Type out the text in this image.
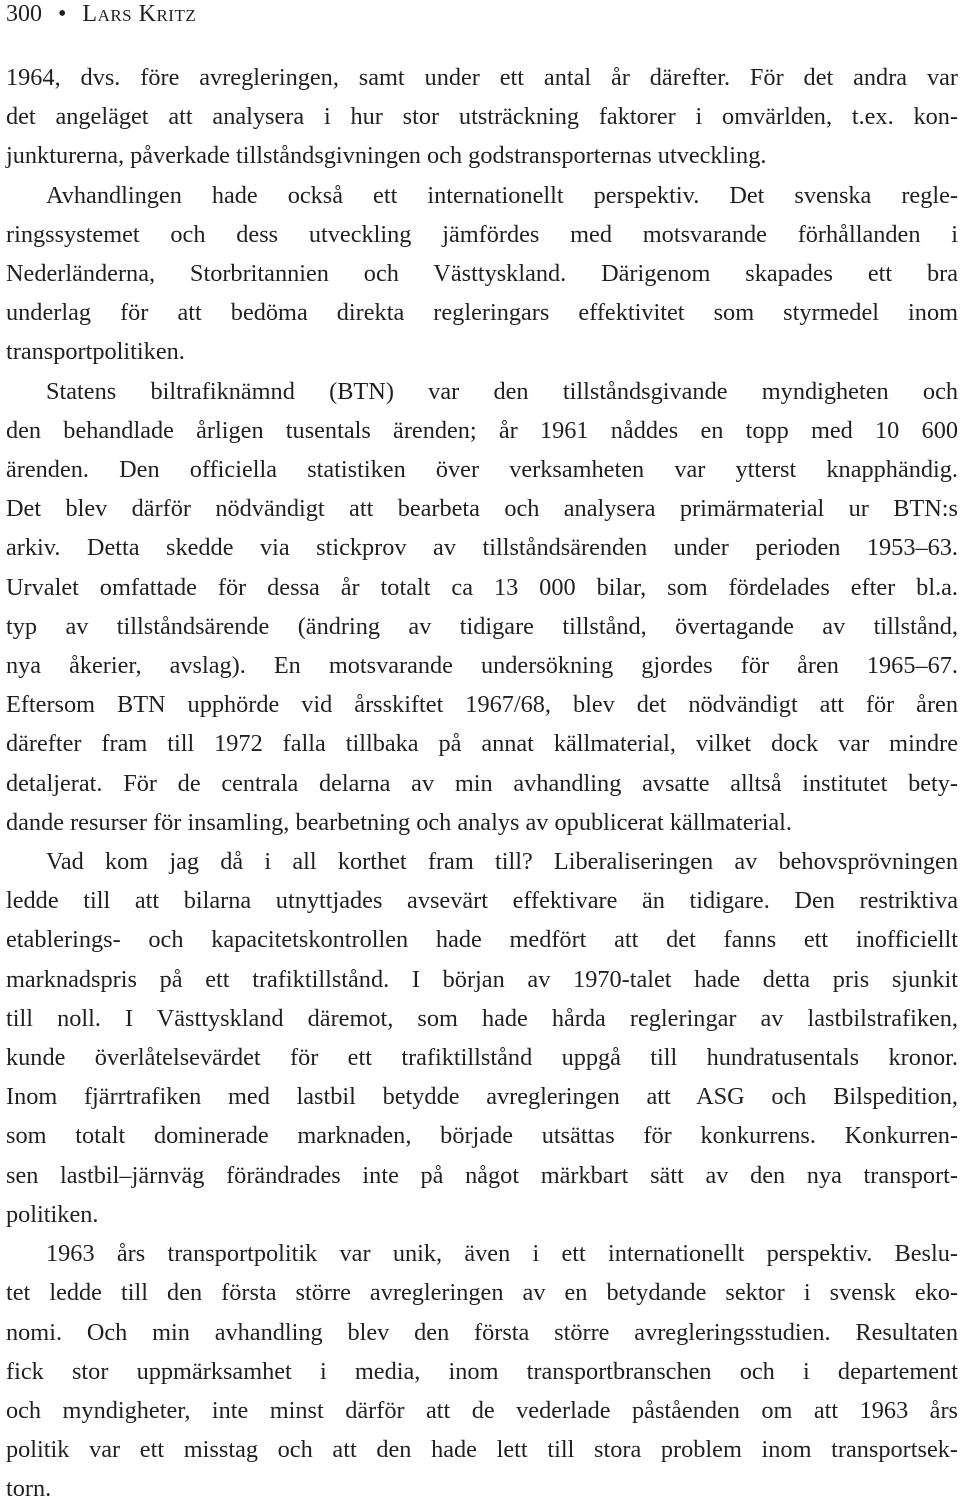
300 • Lars Kritz
1964, dvs. före avregleringen, samt under ett antal år därefter. För det andra var
det angeläget att analysera i hur stor utsträckning faktorer i omvärlden, t.ex. kon-
junkturerna, påverkade tillståndsgivningen och godstransporternas utveckling.
Avhandlingen hade också ett internationellt perspektiv. Det svenska regle-
ringssystemet och dess utveckling jämfördes med motsvarande förhållanden i
Nederländerna, Storbritannien och Västtyskland. Därigenom skapades ett bra
underlag för att bedöma direkta regleringars effektivitet som styrmedel inom
transportpolitiken.
Statens biltrafiknämnd (BTN) var den tillståndsgivande myndigheten och
den behandlade årligen tusentals ärenden; år 1961 nåddes en topp med 10 600
ärenden. Den officiella statistiken över verksamheten var ytterst knapphändig.
Det blev därför nödvändigt att bearbeta och analysera primärmaterial ur BTN:s
arkiv. Detta skedde via stickprov av tillståndsärenden under perioden 1953–63.
Urvalet omfattade för dessa år totalt ca 13 000 bilar, som fördelades efter bl.a.
typ av tillståndsärende (ändring av tidigare tillstånd, övertagande av tillstånd,
nya åkerier, avslag). En motsvarande undersökning gjordes för åren 1965–67.
Eftersom BTN upphörde vid årsskiftet 1967/68, blev det nödvändigt att för åren
därefter fram till 1972 falla tillbaka på annat källmaterial, vilket dock var mindre
detaljerat. För de centrala delarna av min avhandling avsatte alltså institutet bety-
dande resurser för insamling, bearbetning och analys av opublicerat källmaterial.
Vad kom jag då i all korthet fram till? Liberaliseringen av behovsprövningen
ledde till att bilarna utnyttjades avsevärt effektivare än tidigare. Den restriktiva
etablerings- och kapacitetskontrollen hade medfört att det fanns ett inofficiellt
marknadspris på ett trafiktillstånd. I början av 1970-talet hade detta pris sjunkit
till noll. I Västtyskland däremot, som hade hårda regleringar av lastbilstrafiken,
kunde överlåtelsevärdet för ett trafiktillstånd uppgå till hundratusentals kronor.
Inom fjärrtrafiken med lastbil betydde avregleringen att ASG och Bilspedition,
som totalt dominerade marknaden, började utsättas för konkurrens. Konkurren-
sen lastbil–järnväg förändrades inte på något märkbart sätt av den nya transport-
politiken.
1963 års transportpolitik var unik, även i ett internationellt perspektiv. Beslu-
tet ledde till den första större avregleringen av en betydande sektor i svensk eko-
nomi. Och min avhandling blev den första större avregleringsstudien. Resultaten
fick stor uppmärksamhet i media, inom transportbranschen och i departement
och myndigheter, inte minst därför att de vederlade påståenden om att 1963 års
politik var ett misstag och att den hade lett till stora problem inom transportsek-
torn.
